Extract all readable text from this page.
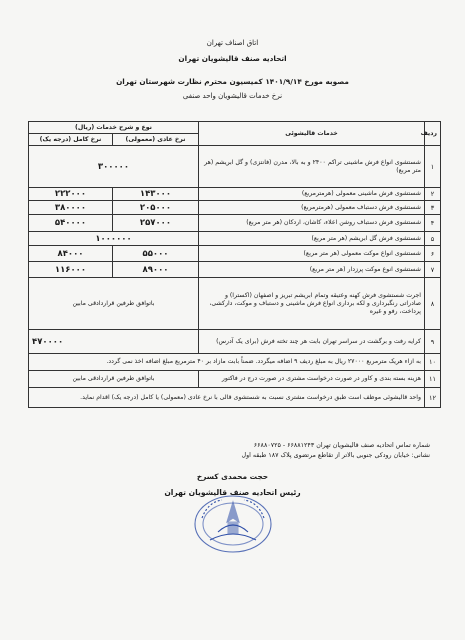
اتاق اصناف تهران
اتحادیه صنف قالیشویان تهران
مصوبه مورخ ۱۴۰۱/۹/۱۴ کمیسیون محترم نظارت شهرستان تهران
نرخ خدمات قالیشویان واحد صنفی
ردیف	خدمات قالیشوئی	نوع و شرح خدمات (ریال)	
		نرخ عادی (معمولی)	نرخ کامل (درجه یک)
۱	شستشوی انواع فرش ماشینی تراکم ۲۴۰۰ و به بالا، مدرن (فانتزی) و گل ابریشم (هر متر مربع)	۳۰۰۰۰۰	
۲	شستشوی فرش ماشینی معمولی (هرمترمربع)	۱۴۳۰۰۰	۲۲۲۰۰۰
۳	شستشوی فرش دستباف معمولی (هرمترمربع)	۲۰۵۰۰۰	۳۸۰۰۰۰
۴	شستشوی فرش دستباف روشن اعلاء، کاشان، اردکان (هر متر مربع)	۲۵۷۰۰۰	۵۴۰۰۰۰
۵	شستشوی فرش گل ابریشم (هر متر مربع)	۱۰۰۰۰۰۰	
۶	شستشوی انواع موکت معمولی (هر متر مربع)	۵۵۰۰۰	۸۴۰۰۰
۷	شستشوی انوع موکت پرزدار (هر متر مربع)	۸۹۰۰۰	۱۱۶۰۰۰
۸	اجرت شستشوی فرش کهنه وعتیقه وتمام ابریشم تبریز و اصفهان (اکسترا) و صادراتی رنگبرداری و لکه برداری انواع فرش ماشینی و دستباف و موکت، دارکشی، پرداخت، رفو و غیره	باتوافق طرفین قراردادقی مابین	
۹	کرایه رفت و برگشت در سراسر تهران بابت هر چند تخته فرش (برای یک آدرس)	۴۷۰۰۰۰	
۱۰	به ازاء هریک مترمربع ۲۷۰۰۰ ریال به مبلغ ردیف ۹ اضافه میگردد. ضمناً بابت مازاد بر ۴۰ مترمربع مبلغ اضافه اخذ نمی گردد.		
۱۱	هزینه بسته بندی و کاور در صورت درخواست مشتری در صورت درج در فاکتور	باتوافق طرفین قراردادقی مابین	
۱۲	واحد قالیشوئی موظف است طبق درخواست مشتری نسبت به شستشوی قالی با نرخ عادی (معمولی) یا کامل (درجه یک) اقدام نماید.		
شماره تماس اتحادیه صنف قالیشویان تهران ۶۶۸۸۱۲۴۳ - ۶۶۸۸۰۷۲۵
نشانی: خیابان رودکی جنوبی بالاتر از تقاطع مرتضوی پلاک ۱۸۷ طبقه اول
حجت محمدی کسرخ
رئیس اتحادیه صنف قالیشویان تهران
